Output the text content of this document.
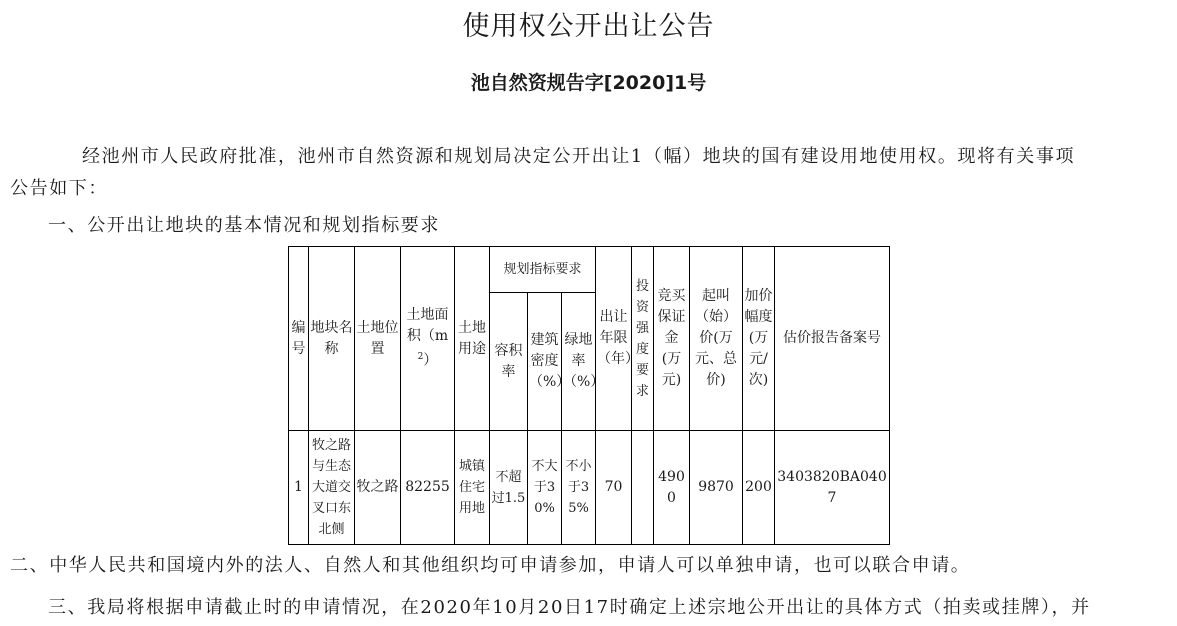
使用权公开出让公告
池自然资规告字[2020]1号
经池州市人民政府批准，池州市自然资源和规划局决定公开出让1（幅）地块的国有建设用地使用权。现将有关事项
公告如下：
一、公开出让地块的基本情况和规划指标要求
编号	地块名称	土地位置	土地面积$(m^2)$	土地用途	规划指标要求			出让年限（年）	投资强度要求	竞买保证金(万元)	起叫（始）价(万元、总价)	加价幅度(万元/次)	估价报告备案号
					容积率	建筑密度（%）	绿地率（%）						
1	牧之路与生态大道交叉口东北侧	牧之路	82255	城镇住宅用地	不超过1.5	不大于30%	不小于35%	70		4900	9870	200	3403820BA0407
二、中华人民共和国境内外的法人、自然人和其他组织均可申请参加，申请人可以单独申请，也可以联合申请。
三、我局将根据申请截止时的申请情况，在2020年10月20日17时确定上述宗地公开出让的具体方式（拍卖或挂牌），并
